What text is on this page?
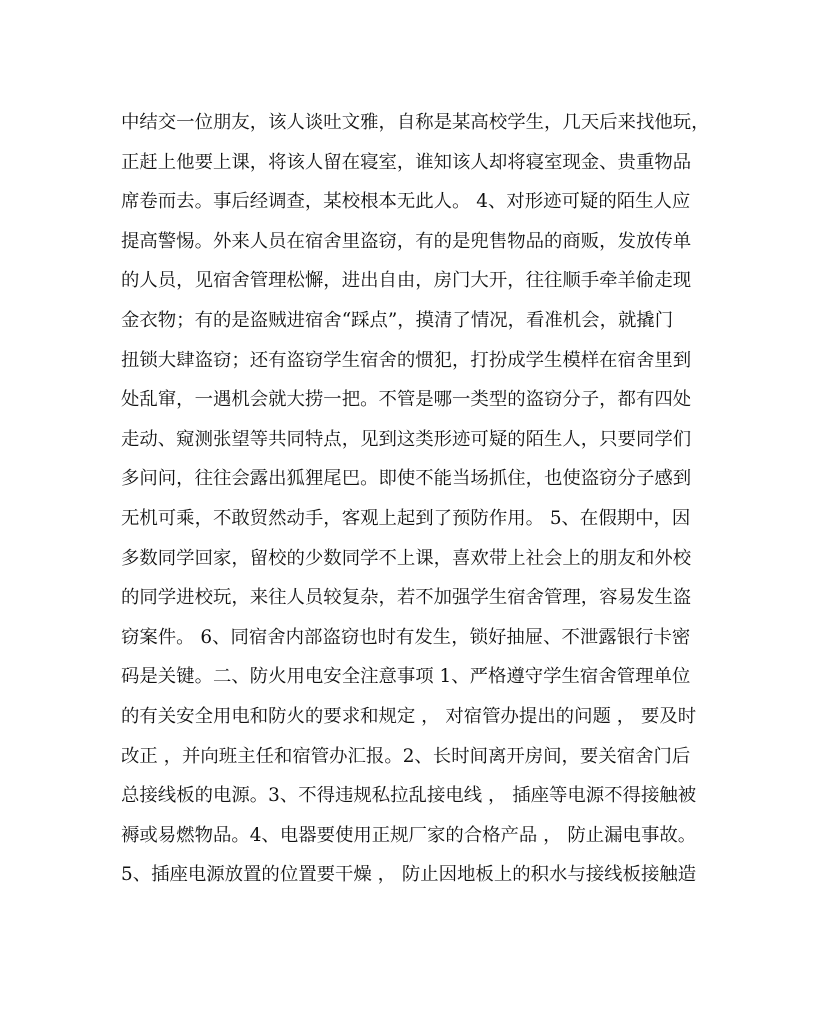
中结交一位朋友，该人谈吐文雅，自称是某高校学生，几天后来找他玩，
正赶上他要上课，将该人留在寝室，谁知该人却将寝室现金、贵重物品
席卷而去。事后经调查，某校根本无此人。 4、对形迹可疑的陌生人应
提高警惕。外来人员在宿舍里盗窃，有的是兜售物品的商贩，发放传单
的人员，见宿舍管理松懈，进出自由，房门大开，往往顺手牵羊偷走现
金衣物；有的是盗贼进宿舍“踩点”，摸清了情况，看准机会，就撬门
扭锁大肆盗窃；还有盗窃学生宿舍的惯犯，打扮成学生模样在宿舍里到
处乱窜，一遇机会就大捞一把。不管是哪一类型的盗窃分子，都有四处
走动、窥测张望等共同特点，见到这类形迹可疑的陌生人，只要同学们
多问问，往往会露出狐狸尾巴。即使不能当场抓住，也使盗窃分子感到
无机可乘，不敢贸然动手，客观上起到了预防作用。 5、在假期中，因
多数同学回家，留校的少数同学不上课，喜欢带上社会上的朋友和外校
的同学进校玩，来往人员较复杂，若不加强学生宿舍管理，容易发生盗
窃案件。 6、同宿舍内部盗窃也时有发生，锁好抽屉、不泄露银行卡密
码是关键。二、防火用电安全注意事项 1、严格遵守学生宿舍管理单位
的有关安全用电和防火的要求和规定 ， 对宿管办提出的问题 ， 要及时
改正 ，并向班主任和宿管办汇报。2、长时间离开房间，要关宿舍门后
总接线板的电源。3、不得违规私拉乱接电线 ， 插座等电源不得接触被
褥或易燃物品。4、电器要使用正规厂家的合格产品 ， 防止漏电事故。
5、插座电源放置的位置要干燥 ， 防止因地板上的积水与接线板接触造
